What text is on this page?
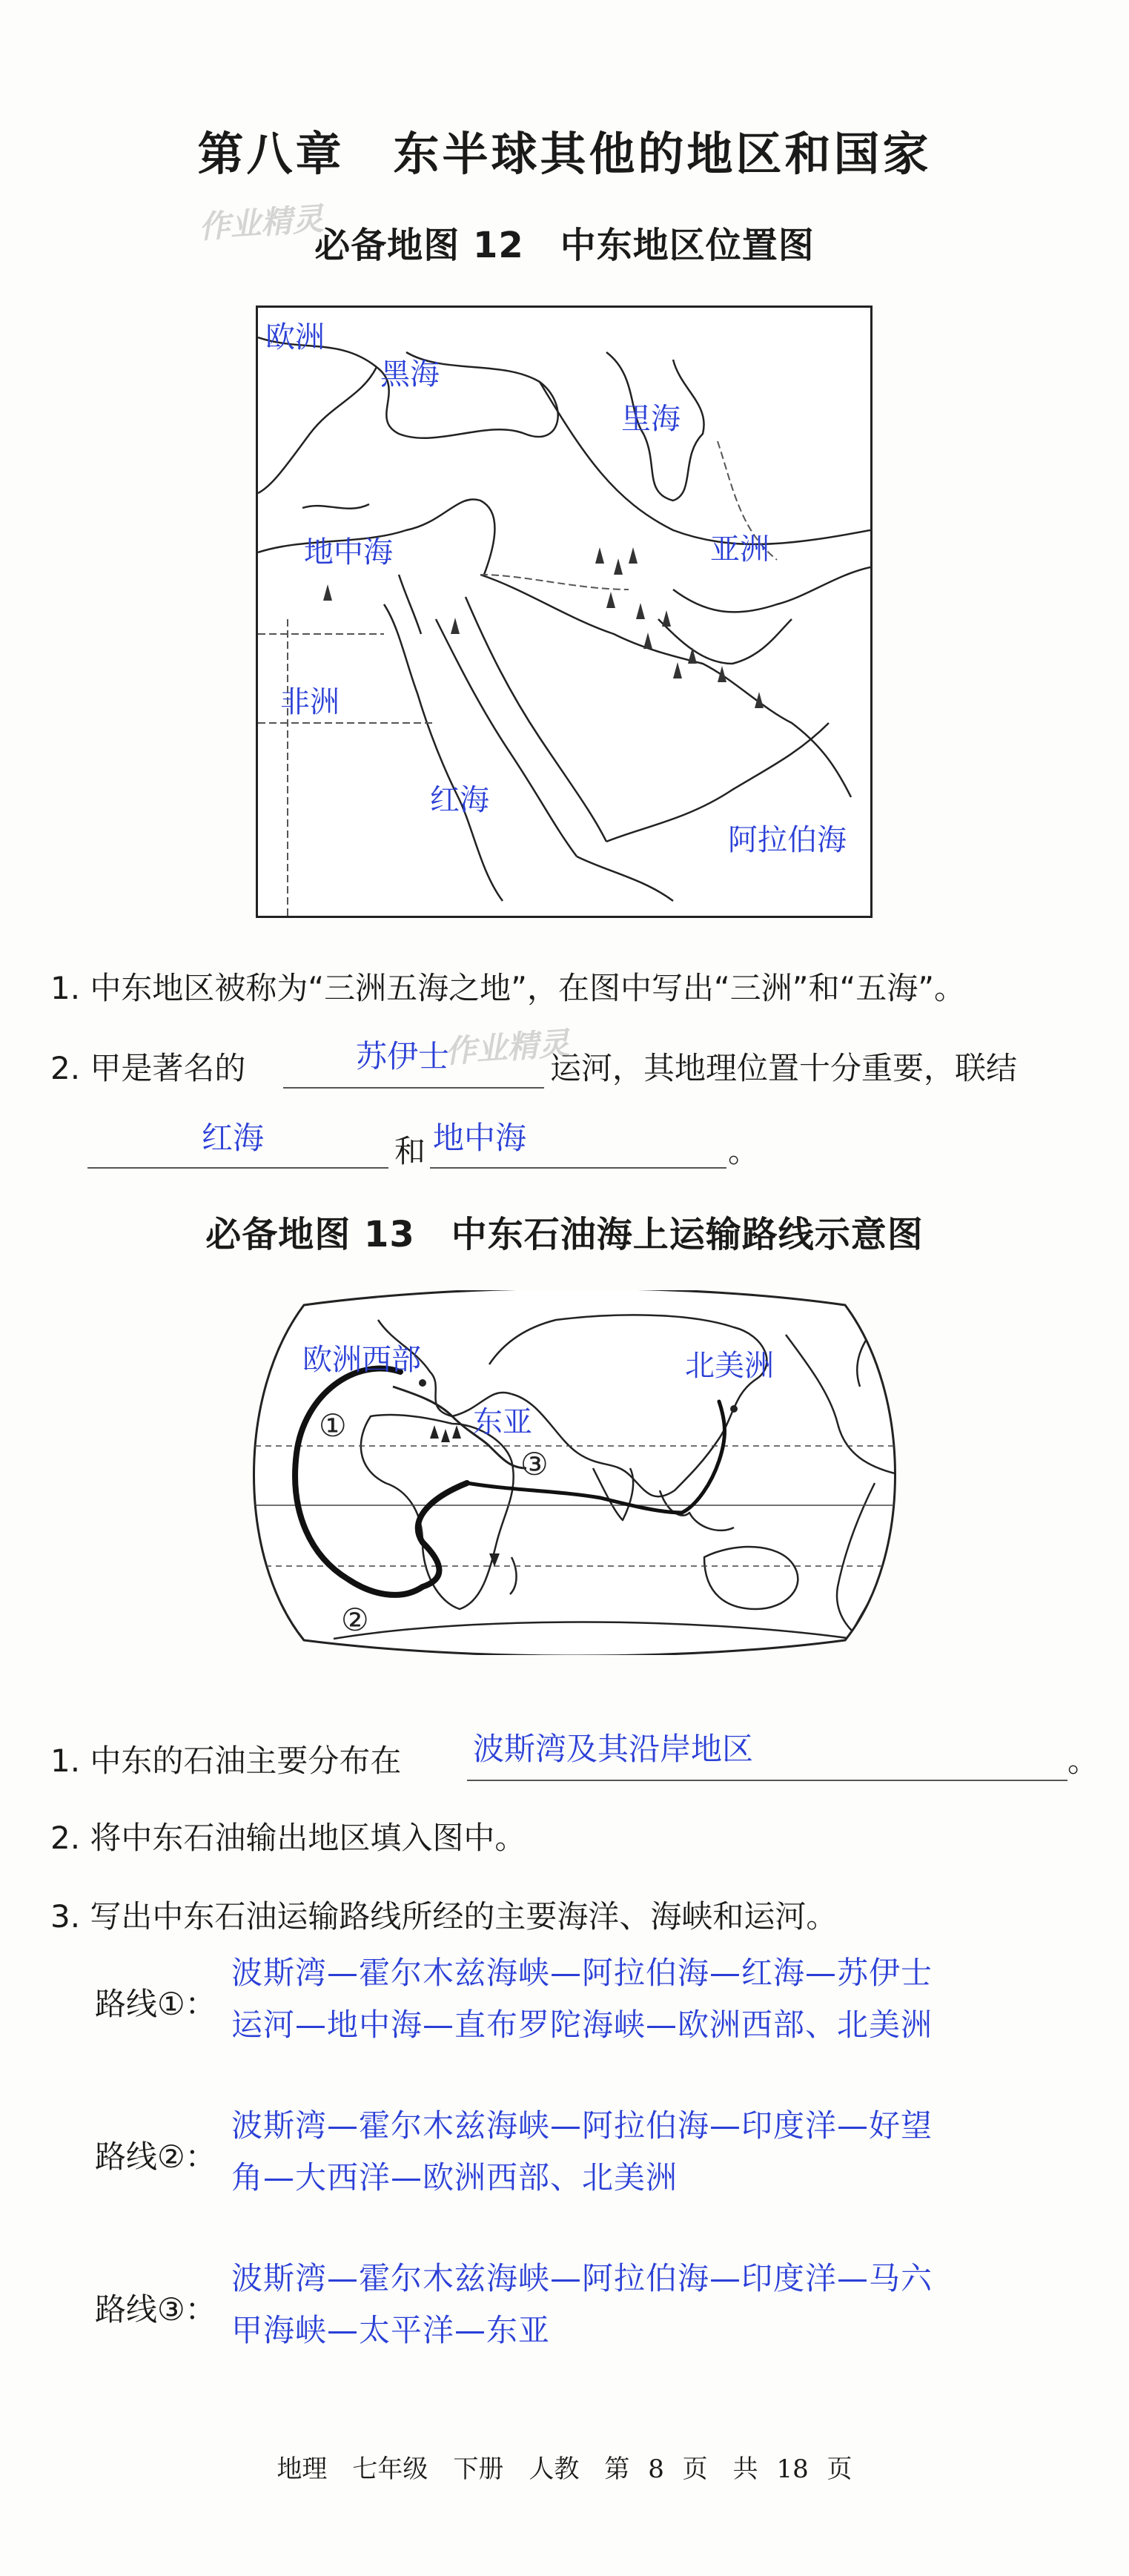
第八章　东半球其他的地区和国家
作业精灵
作业精灵
必备地图 12　中东地区位置图
欧洲
黑海
里海
地中海	亚洲
非洲
红海
阿拉伯海
1. 中东地区被称为“三洲五海之地”，在图中写出“三洲”和“五海”。
2. 甲是著名的	苏伊士	运河，其地理位置十分重要，联结
红海	和 地中海	。
必备地图 13　中东石油海上运输路线示意图
欧洲西部	北美洲
东亚
①
②
③
1. 中东的石油主要分布在 波斯湾及其沿岸地区	。
2. 将中东石油输出地区填入图中。
3. 写出中东石油运输路线所经的主要海洋、海峡和运河。
路线①：
波斯湾—霍尔木兹海峡—阿拉伯海—红海—苏伊士
运河—地中海—直布罗陀海峡—欧洲西部、北美洲
路线②：
波斯湾—霍尔木兹海峡—阿拉伯海—印度洋—好望
角—大西洋—欧洲西部、北美洲
路线③：
波斯湾—霍尔木兹海峡—阿拉伯海—印度洋—马六
甲海峡—太平洋—东亚
地理　七年级　下册　人教　第 8 页　共 18 页
